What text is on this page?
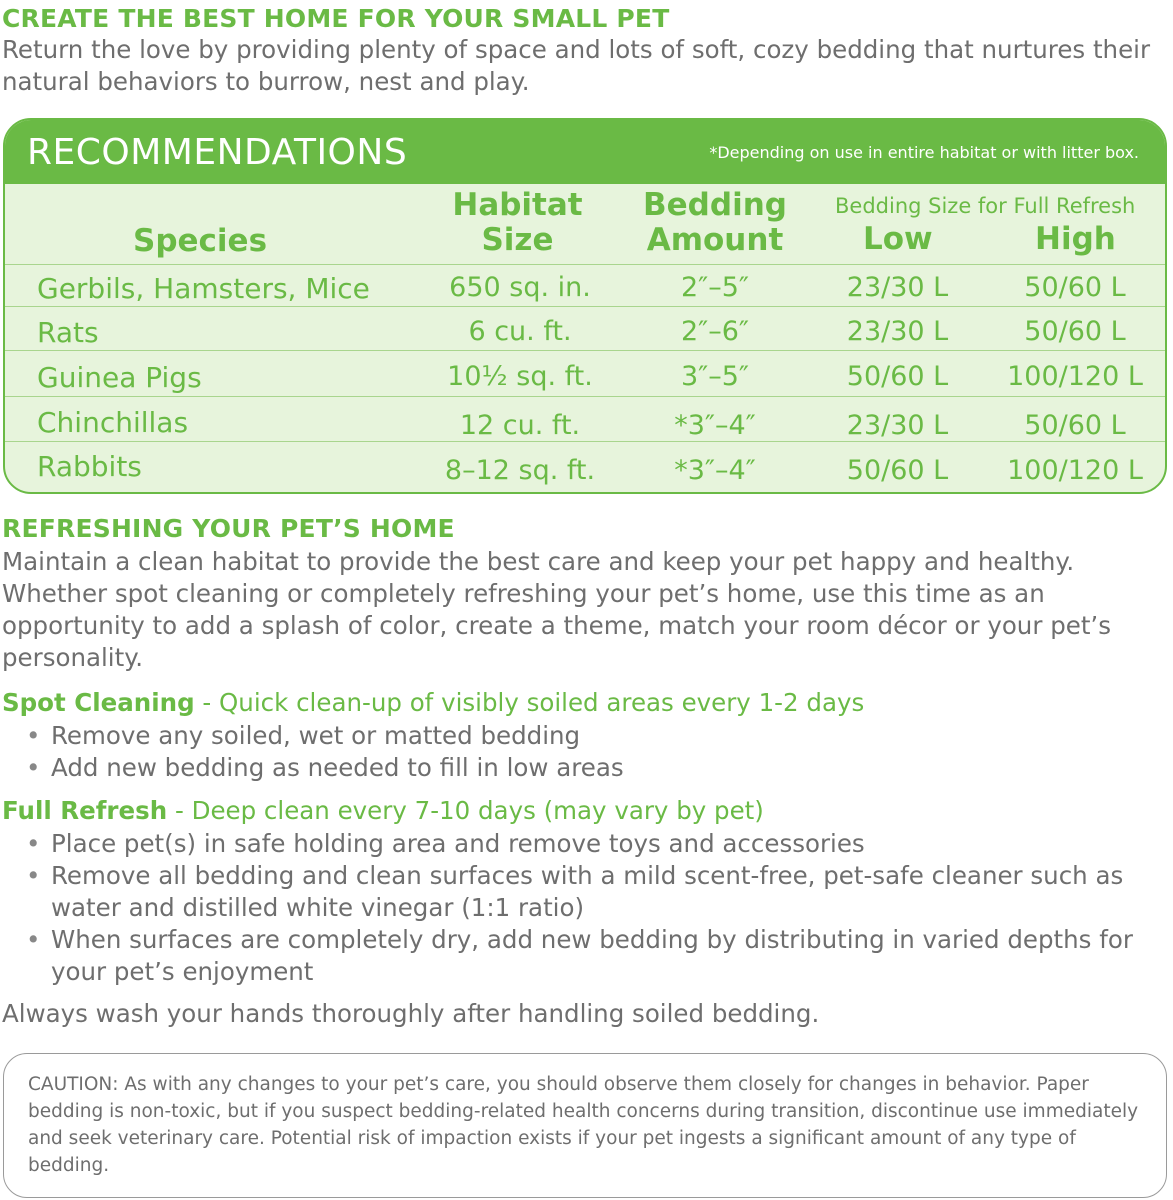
CREATE THE BEST HOME FOR YOUR SMALL PET

Return the love by providing plenty of space and lots of soft, cozy bedding that nurtures their natural behaviors to burrow, nest and play.

RECOMMENDATIONS	*Depending on use in entire habitat or with litter box.
Species
Habitat
Size
Bedding
Amount
Bedding Size for Full Refresh
Low	High
Gerbils, Hamsters, Mice	650 sq. in.	2″–5″	23/30 L	50/60 L
Rats	6 cu. ft.	2″–6″	23/30 L	50/60 L
Guinea Pigs	10½ sq. ft.	3″–5″	50/60 L	100/120 L
Chinchillas	12 cu. ft.	*3″–4″	23/30 L	50/60 L
Rabbits	8–12 sq. ft.	*3″–4″	50/60 L	100/120 L
REFRESHING YOUR PET’S HOME

Maintain a clean habitat to provide the best care and keep your pet happy and healthy. Whether spot cleaning or completely refreshing your pet’s home, use this time as an opportunity to add a splash of color, create a theme, match your room décor or your pet’s personality.

Spot Cleaning - Quick clean-up of visibly soiled areas every 1-2 days
• Remove any soiled, wet or matted bedding
• Add new bedding as needed to fill in low areas
Full Refresh - Deep clean every 7-10 days (may vary by pet)
• Place pet(s) in safe holding area and remove toys and accessories
• Remove all bedding and clean surfaces with a mild scent-free, pet-safe cleaner such as water and distilled white vinegar (1:1 ratio)
• When surfaces are completely dry, add new bedding by distributing in varied depths for your pet’s enjoyment

Always wash your hands thoroughly after handling soiled bedding.

CAUTION: As with any changes to your pet’s care, you should observe them closely for changes in behavior. Paper bedding is non-toxic, but if you suspect bedding-related health concerns during transition, discontinue use immediately and seek veterinary care. Potential risk of impaction exists if your pet ingests a significant amount of any type of bedding.
